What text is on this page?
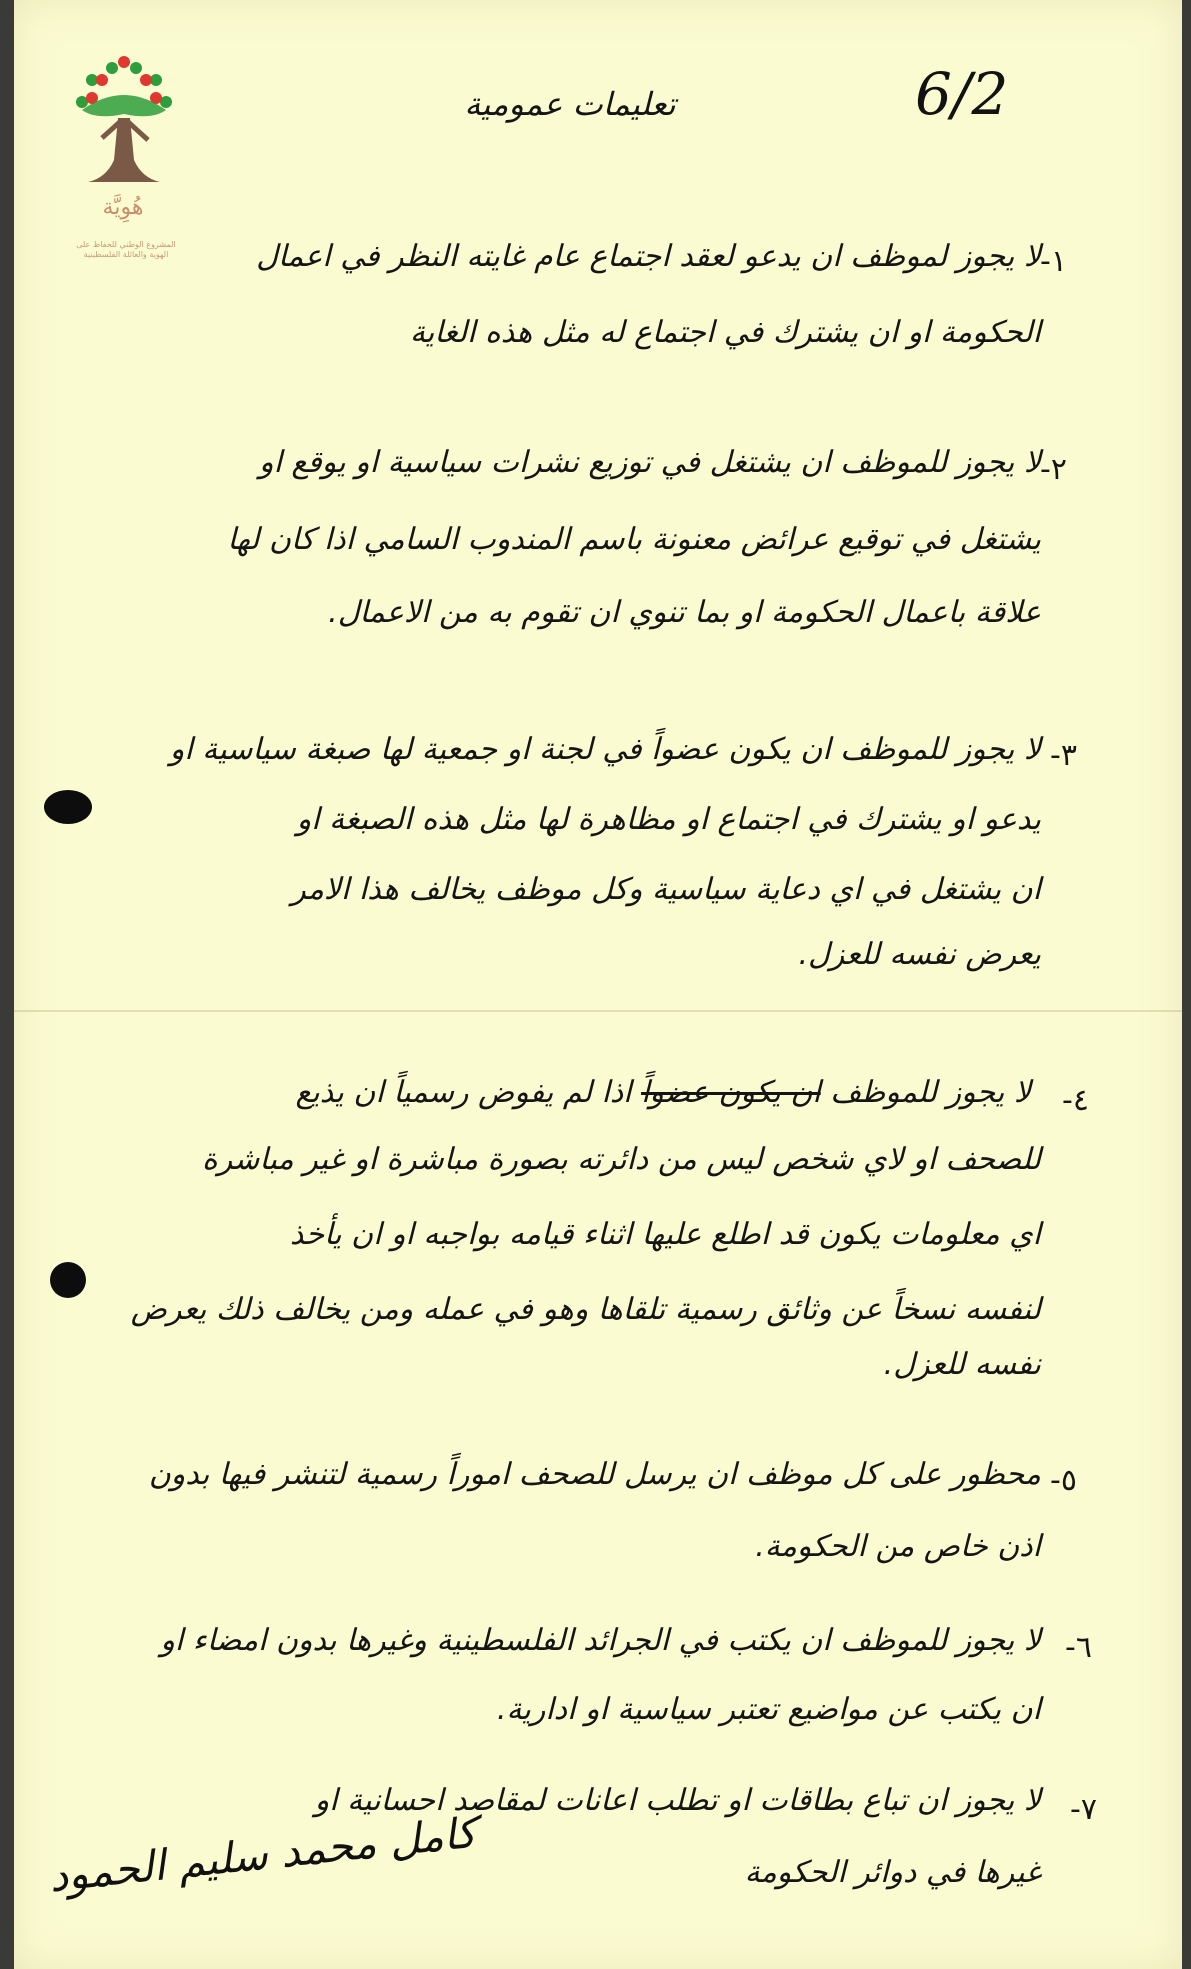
هُوِيَّة
المشروع الوطني للحفاظ على الهوية والعائلة الفلسطينية
تعليمات عمومية	6/2
١-
لا يجوز لموظف ان يدعو لعقد اجتماع عام غايته النظر في اعمال
الحكومة او ان يشترك في اجتماع له مثل هذه الغاية
٢-
لا يجوز للموظف ان يشتغل في توزيع نشرات سياسية او يوقع او
يشتغل في توقيع عرائض معنونة باسم المندوب السامي اذا كان لها
علاقة باعمال الحكومة او بما تنوي ان تقوم به من الاعمال.
٣-
لا يجوز للموظف ان يكون عضواً في لجنة او جمعية لها صبغة سياسية او
يدعو او يشترك في اجتماع او مظاهرة لها مثل هذه الصبغة او
ان يشتغل في اي دعاية سياسية وكل موظف يخالف هذا الامر
يعرض نفسه للعزل.
٤-
لا يجوز للموظف ان يكون عضواً اذا لم يفوض رسمياً ان يذيع
للصحف او لاي شخص ليس من دائرته بصورة مباشرة او غير مباشرة
اي معلومات يكون قد اطلع عليها اثناء قيامه بواجبه او ان يأخذ
لنفسه نسخاً عن وثائق رسمية تلقاها وهو في عمله ومن يخالف ذلك يعرض
نفسه للعزل.
٥-
محظور على كل موظف ان يرسل للصحف اموراً رسمية لتنشر فيها بدون
اذن خاص من الحكومة.
٦-
لا يجوز للموظف ان يكتب في الجرائد الفلسطينية وغيرها بدون امضاء او
ان يكتب عن مواضيع تعتبر سياسية او ادارية.
٧-
لا يجوز ان تباع بطاقات او تطلب اعانات لمقاصد احسانية او
غيرها في دوائر الحكومة
كامل محمد سليم الحمود
